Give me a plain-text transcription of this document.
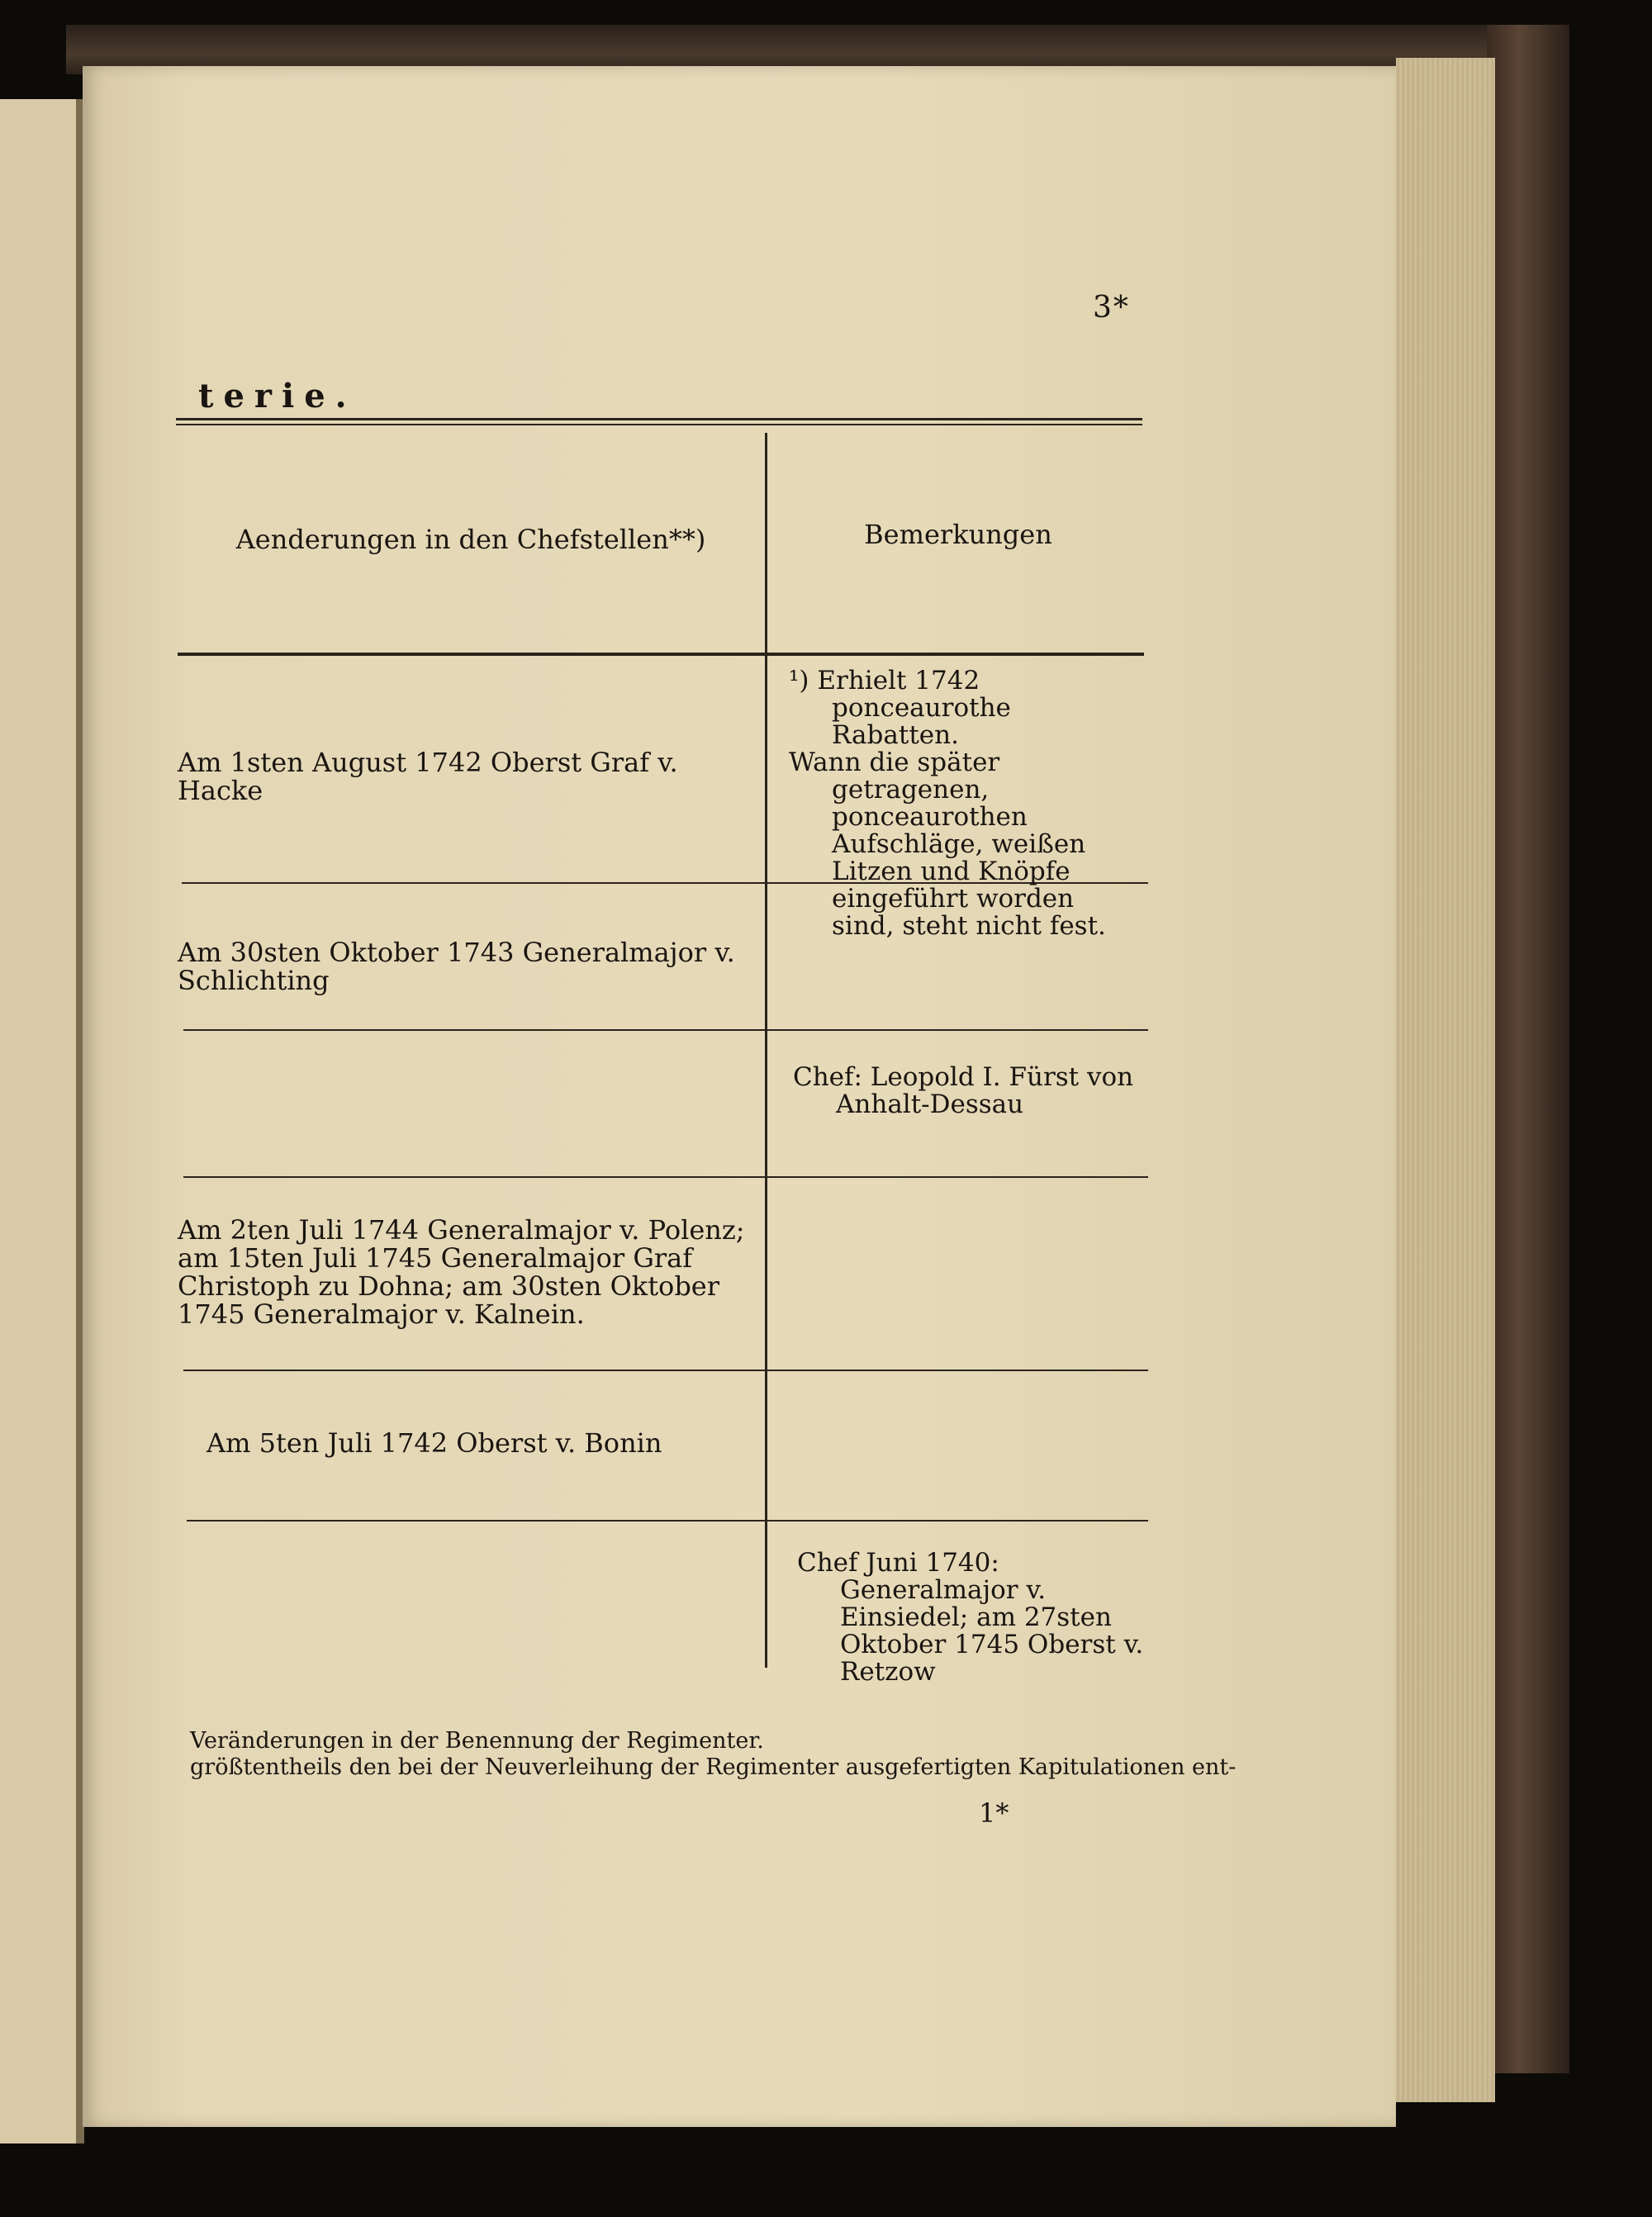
3*
terie.
Aenderungen in den Chefstellen**)	Bemerkungen
Am 1sten August 1742 Oberst Graf v. Hacke
¹) Erhielt 1742 ponceaurothe Rabatten.
Wann die später getragenen, ponceaurothen Aufschläge, weißen Litzen und Knöpfe eingeführt worden sind, steht nicht fest.
Am 30sten Oktober 1743 Generalmajor v. Schlichting
Chef: Leopold I. Fürst von Anhalt-Dessau
Am 2ten Juli 1744 Generalmajor v. Polenz; am 15ten Juli 1745 Generalmajor Graf Christoph zu Dohna; am 30sten Oktober 1745 Generalmajor v. Kalnein.
Am 5ten Juli 1742 Oberst v. Bonin
Chef Juni 1740: Generalmajor v. Einsiedel; am 27sten Oktober 1745 Oberst v. Retzow
Veränderungen in der Benennung der Regimenter.
größtentheils den bei der Neuverleihung der Regimenter ausgefertigten Kapitulationen ent-
1*
